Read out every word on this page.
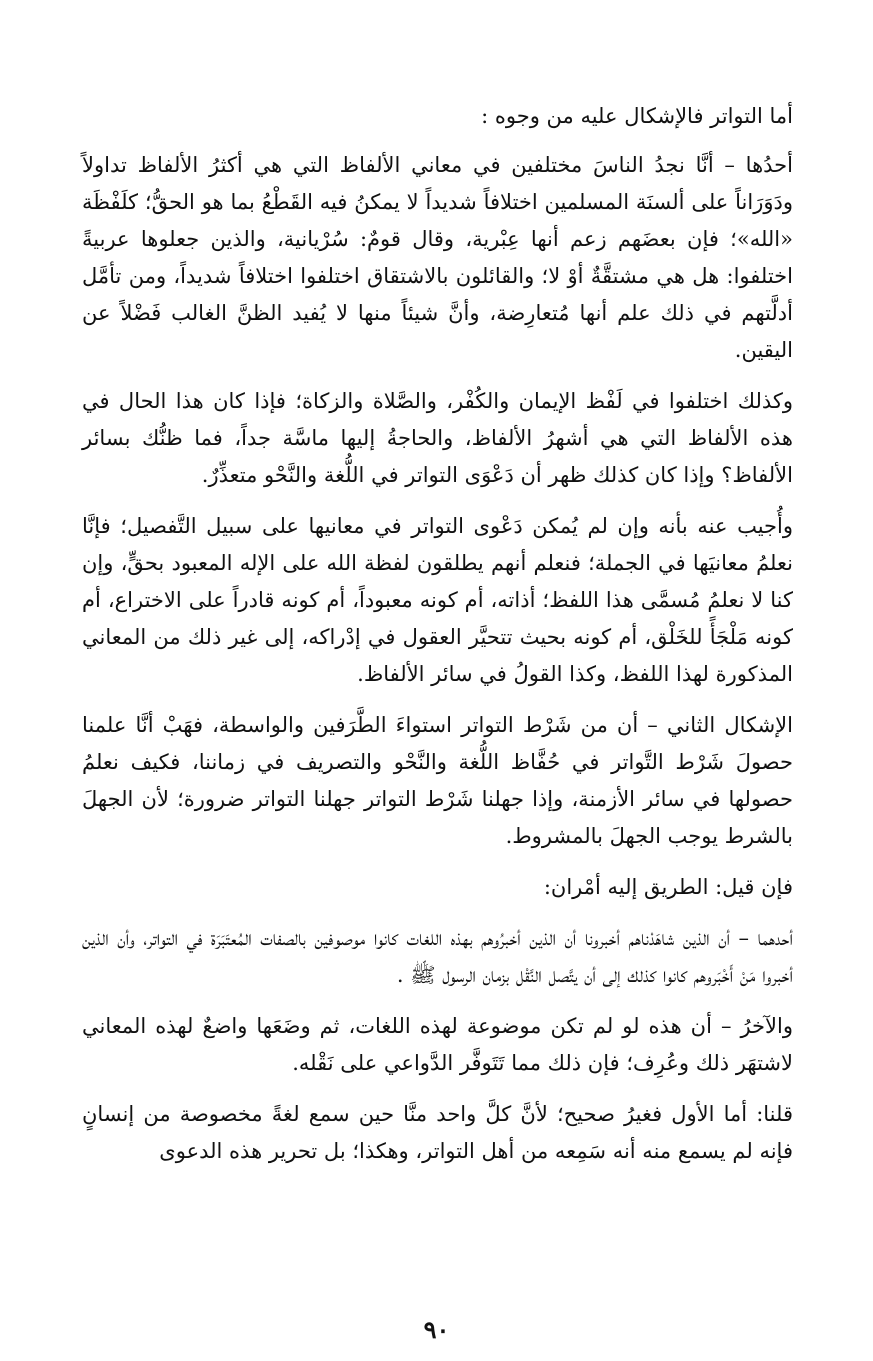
أما التواتر فالإشكال عليه من وجوه :

أحدُها – أنَّا نجدُ الناسَ مختلفين في معاني الألفاظ التي هي أكثرُ الألفاظ تداولاً ودَوَرَاناً على ألسنَة المسلمين اختلافاً شديداً لا يمكنُ فيه القَطْعُ بما هو الحقُّ؛ كلَفْظَة «الله»؛ فإن بعضَهم زعم أنها عِبْرية، وقال قومٌ: سُرْيانية، والذين جعلوها عربيةً اختلفوا: هل هي مشتقَّةٌ أوْ لا؛ والقائلون بالاشتقاق اختلفوا اختلافاً شديداً، ومن تأمَّل أدلَّتهم في ذلك علم أنها مُتعارِضة، وأنَّ شيئاً منها لا يُفيد الظنَّ الغالب فَضْلاً عن اليقين.

وكذلك اختلفوا في لَفْظ الإيمان والكُفْر، والصَّلاة والزكاة؛ فإذا كان هذا الحال في هذه الألفاظ التي هي أشهرُ الألفاظ، والحاجةُ إليها ماسَّة جداً، فما ظنُّك بسائر الألفاظ؟ وإذا كان كذلك ظهر أن دَعْوَى التواتر في اللُّغة والنَّحْو متعذِّرٌ.

وأُجيب عنه بأنه وإن لم يُمكن دَعْوى التواتر في معانيها على سبيل التَّفصيل؛ فإنَّا نعلمُ معانيَها في الجملة؛ فنعلم أنهم يطلقون لفظة الله على الإله المعبود بحقٍّ، وإن كنا لا نعلمُ مُسمَّى هذا اللفظ؛ أذاته، أم كونه معبوداً، أم كونه قادراً على الاختراع، أم كونه مَلْجَأً للخَلْق، أم كونه بحيث تتحيَّر العقول في إدْراكه، إلى غير ذلك من المعاني المذكورة لهذا اللفظ، وكذا القولُ في سائر الألفاظ.

الإشكال الثاني – أن من شَرْط التواتر استواءَ الطَّرَفين والواسطة، فهَبْ أنَّا علمنا حصولَ شَرْط التَّواتر في حُفَّاظ اللُّغة والنَّحْو والتصريف في زماننا، فكيف نعلمُ حصولها في سائر الأزمنة، وإذا جهلنا شَرْط التواتر جهلنا التواتر ضرورة؛ لأن الجهلَ بالشرط يوجب الجهلَ بالمشروط.

فإن قيل: الطريق إليه أمْران:

أحدهما – أن الذين شاهَدْناهم أخبرونا أن الذين أخبرُوهم بهذه اللغات كانوا موصوفين بالصفات المُعتَبَرَة في التواتر، وأن الذين أخبروا مَنْ أَخْبَروهم كانوا كذلك إلى أن يتَّصل النَّقْل بزمان الرسول ﷺ .

والآخرُ – أن هذه لو لم تكن موضوعة لهذه اللغات، ثم وضَعَها واضعٌ لهذه المعاني لاشتهَر ذلك وعُرِف؛ فإن ذلك مما تَتَوفَّر الدَّواعي على نَقْله.

قلنا: أما الأول فغيرُ صحيح؛ لأنَّ كلَّ واحد منَّا حين سمع لغةً مخصوصة من إنسانٍ فإنه لم يسمع منه أنه سَمِعه من أهل التواتر، وهكذا؛ بل تحرير هذه الدعوى

٩٠
